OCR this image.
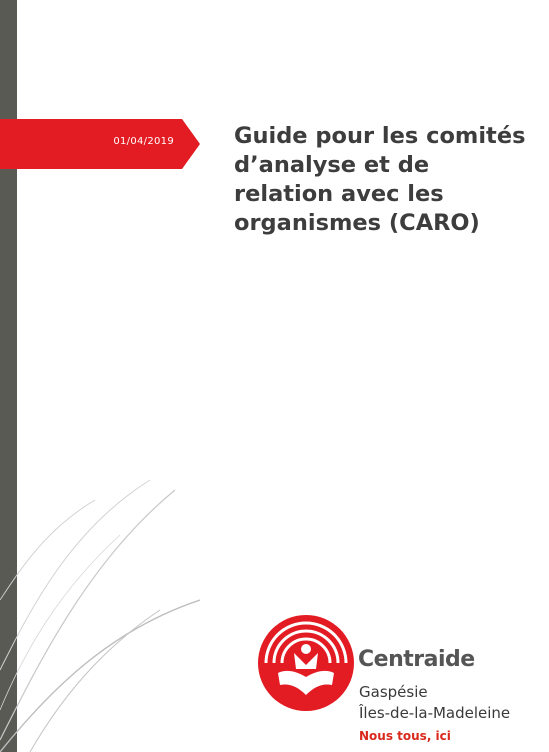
01/04/2019	Guide pour les comités
d’analyse et de
relation avec les
organismes (CARO)
Centraide
Gaspésie
Îles-de-la-Madeleine
Nous tous, ici
